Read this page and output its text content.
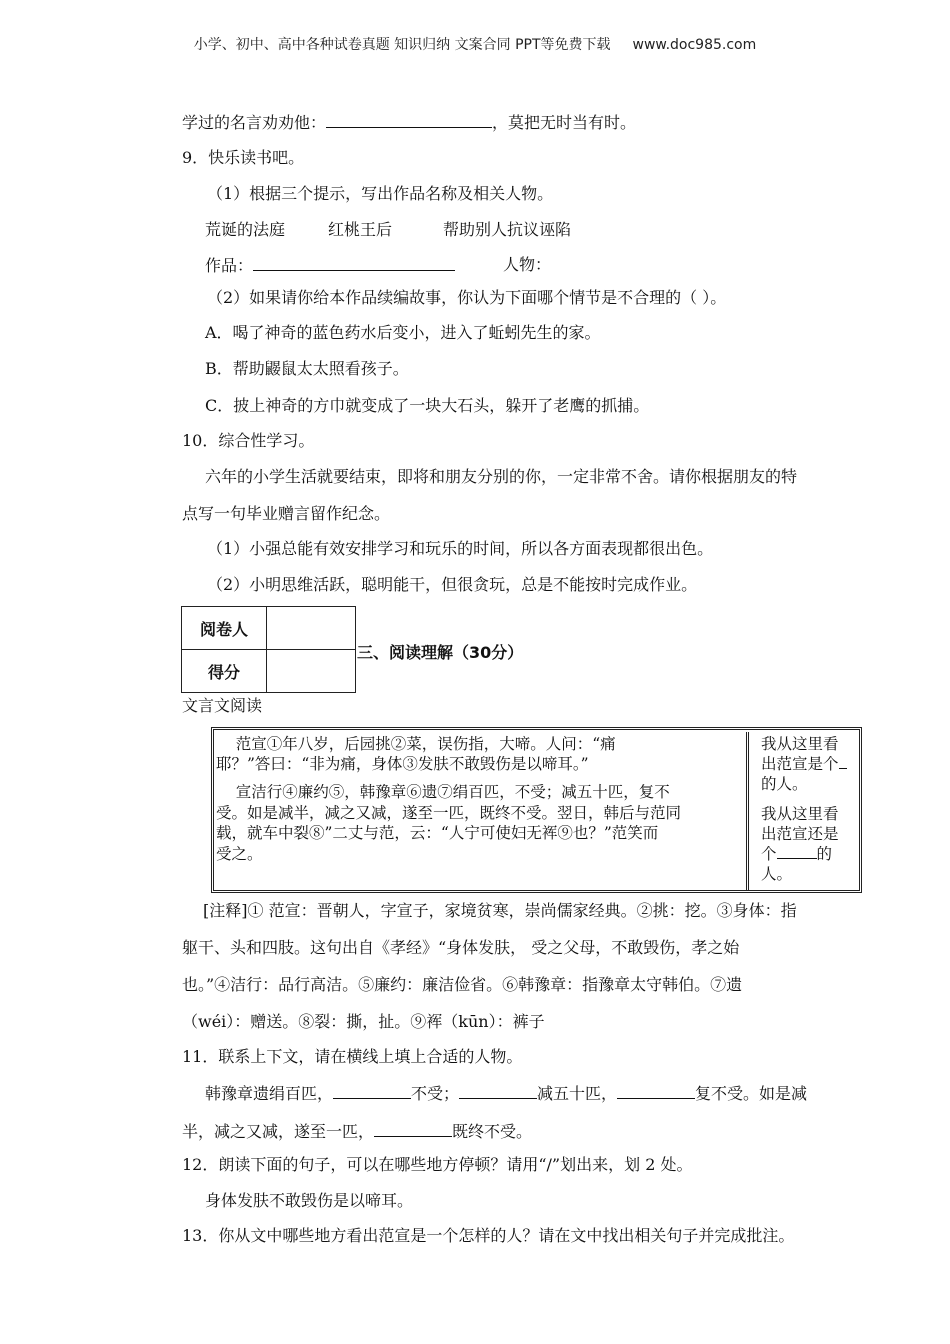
小学、初中、高中各种试卷真题 知识归纳 文案合同 PPT等免费下载 www.doc985.com
学过的名言劝劝他：	，莫把无时当有时。
9．快乐读书吧。
（1）根据三个提示，写出作品名称及相关人物。
荒诞的法庭	红桃王后	帮助别人抗议诬陷
作品：	人物：
（2）如果请你给本作品续编故事，你认为下面哪个情节是不合理的（ ）。
A．喝了神奇的蓝色药水后变小，进入了蚯蚓先生的家。
B．帮助鼹鼠太太照看孩子。
C．披上神奇的方巾就变成了一块大石头，躲开了老鹰的抓捕。
10．综合性学习。
六年的小学生活就要结束，即将和朋友分别的你，一定非常不舍。请你根据朋友的特
点写一句毕业赠言留作纪念。
（1）小强总能有效安排学习和玩乐的时间，所以各方面表现都很出色。
（2）小明思维活跃，聪明能干，但很贪玩，总是不能按时完成作业。
阅卷人	
得分	
三、阅读理解（30分）
文言文阅读
范宣①年八岁，后园挑②菜，误伤指，大啼。人问：“痛
耶？”答曰：“非为痛，身体③发肤不敢毁伤是以啼耳。”
宣洁行④廉约⑤，韩豫章⑥遗⑦绢百匹，不受；减五十匹，复不
受。如是减半，减之又减，遂至一匹，既终不受。翌日，韩后与范同
载，就车中裂⑧”二丈与范，云：“人宁可使妇无裈⑨也？”范笑而
受之。
我从这里看
出范宣是个
的人。
我从这里看
出范宣还是
个	的
人。
[注释]① 范宣：晋朝人，字宣子，家境贫寒，崇尚儒家经典。②挑：挖。③身体：指
躯干、头和四肢。这句出自《孝经》“身体发肤， 受之父母，不敢毁伤，孝之始
也。”④洁行：品行高洁。⑤廉约：廉洁俭省。⑥韩豫章：指豫章太守韩伯。⑦遗
（wéi）：赠送。⑧裂：撕，扯。⑨裈（kūn）：裤子
11．联系上下文，请在横线上填上合适的人物。
韩豫章遗绢百匹，	不受；	减五十匹，	复不受。如是减
半，减之又减，遂至一匹，	既终不受。
12．朗读下面的句子，可以在哪些地方停顿？请用“/”划出来，划 2 处。
身体发肤不敢毁伤是以啼耳。
13．你从文中哪些地方看出范宣是一个怎样的人？请在文中找出相关句子并完成批注。
